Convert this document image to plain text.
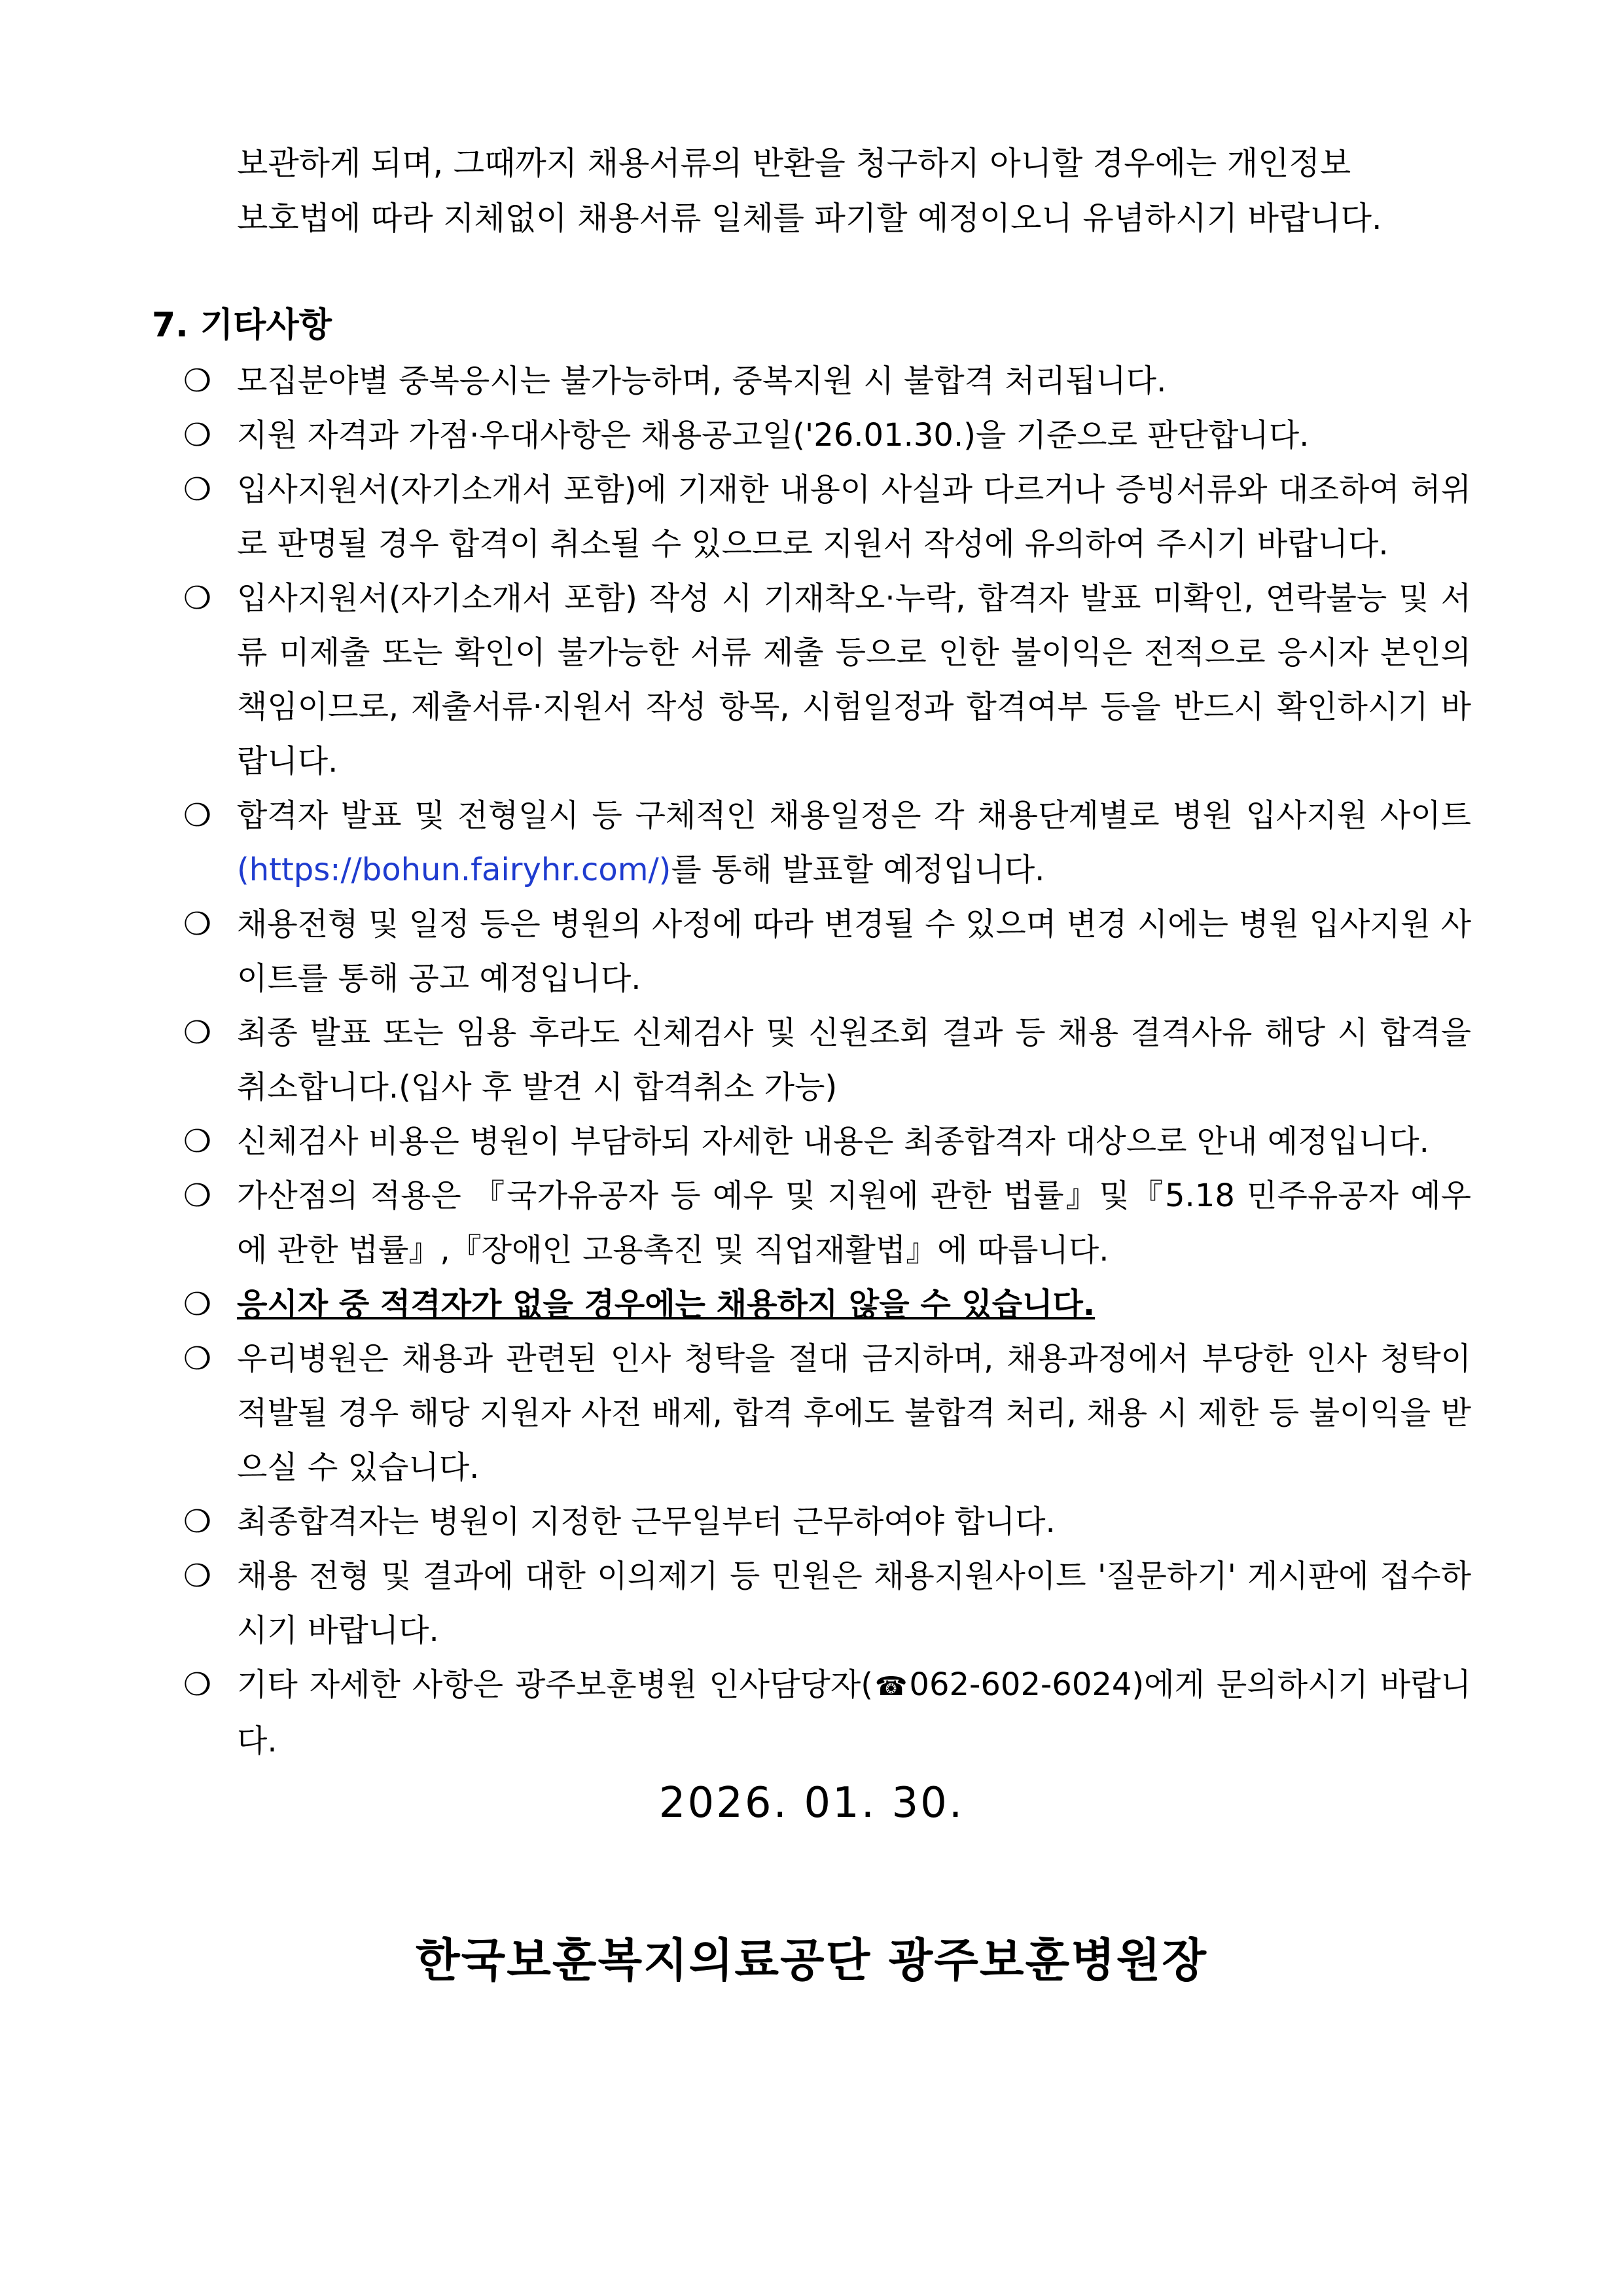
보관하게 되며, 그때까지 채용서류의 반환을 청구하지 아니할 경우에는 개인정보
보호법에 따라 지체없이 채용서류 일체를 파기할 예정이오니 유념하시기 바랍니다.
7. 기타사항
❍ 모집분야별 중복응시는 불가능하며, 중복지원 시 불합격 처리됩니다.
❍ 지원 자격과 가점·우대사항은 채용공고일('26.01.30.)을 기준으로 판단합니다.
❍ 입사지원서(자기소개서 포함)에 기재한 내용이 사실과 다르거나 증빙서류와 대조하여 허위로 판명될 경우 합격이 취소될 수 있으므로 지원서 작성에 유의하여 주시기 바랍니다.
❍ 입사지원서(자기소개서 포함) 작성 시 기재착오·누락, 합격자 발표 미확인, 연락불능 및 서류 미제출 또는 확인이 불가능한 서류 제출 등으로 인한 불이익은 전적으로 응시자 본인의 책임이므로, 제출서류·지원서 작성 항목, 시험일정과 합격여부 등을 반드시 확인하시기 바랍니다.
❍ 합격자 발표 및 전형일시 등 구체적인 채용일정은 각 채용단계별로 병원 입사지원 사이트(https://bohun.fairyhr.com/)를 통해 발표할 예정입니다.
❍ 채용전형 및 일정 등은 병원의 사정에 따라 변경될 수 있으며 변경 시에는 병원 입사지원 사이트를 통해 공고 예정입니다.
❍ 최종 발표 또는 임용 후라도 신체검사 및 신원조회 결과 등 채용 결격사유 해당 시 합격을 취소합니다.(입사 후 발견 시 합격취소 가능)
❍ 신체검사 비용은 병원이 부담하되 자세한 내용은 최종합격자 대상으로 안내 예정입니다.
❍ 가산점의 적용은 『국가유공자 등 예우 및 지원에 관한 법률』및『5.18 민주유공자 예우에 관한 법률』,『장애인 고용촉진 및 직업재활법』에 따릅니다.
❍ 응시자 중 적격자가 없을 경우에는 채용하지 않을 수 있습니다.
❍ 우리병원은 채용과 관련된 인사 청탁을 절대 금지하며, 채용과정에서 부당한 인사 청탁이 적발될 경우 해당 지원자 사전 배제, 합격 후에도 불합격 처리, 채용 시 제한 등 불이익을 받으실 수 있습니다.
❍ 최종합격자는 병원이 지정한 근무일부터 근무하여야 합니다.
❍ 채용 전형 및 결과에 대한 이의제기 등 민원은 채용지원사이트 '질문하기' 게시판에 접수하시기 바랍니다.
❍ 기타 자세한 사항은 광주보훈병원 인사담당자(☎062-602-6024)에게 문의하시기 바랍니다.
2026. 01. 30.
한국보훈복지의료공단 광주보훈병원장
